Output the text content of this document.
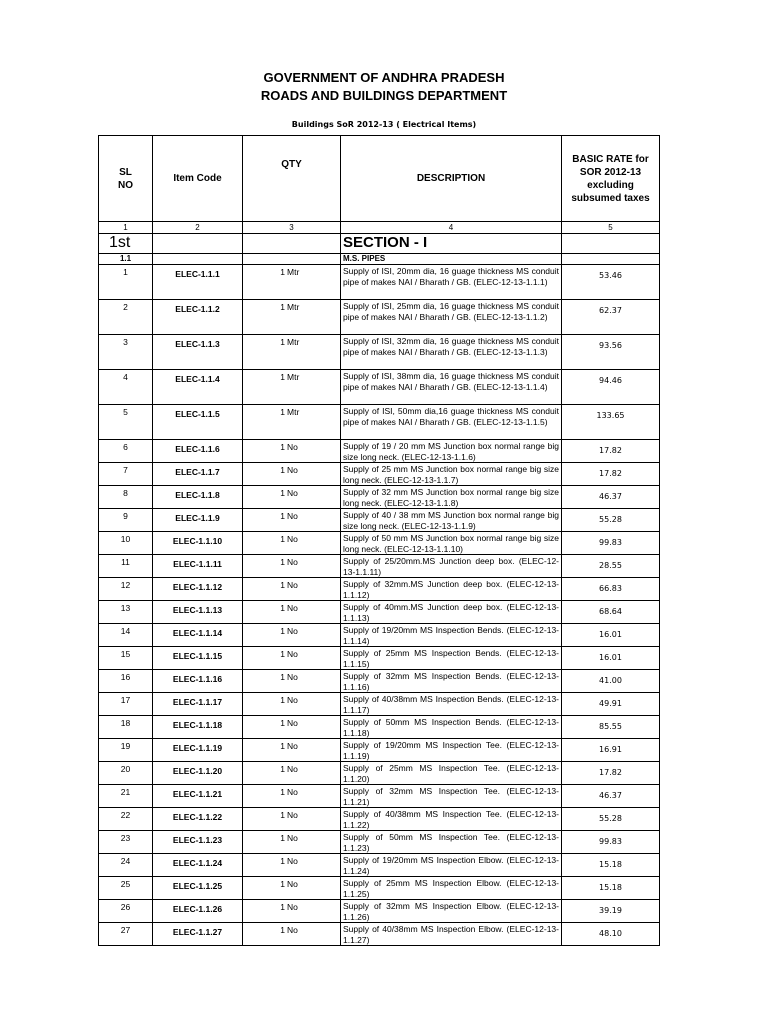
GOVERNMENT OF ANDHRA PRADESH
ROADS AND BUILDINGS DEPARTMENT
Buildings SoR 2012-13 ( Electrical Items)
SL NO	Item Code	QTY	DESCRIPTION	BASIC RATE for SOR 2012-13 excluding subsumed taxes
1	2	3	4	5
1st			SECTION - I	
1.1			M.S. PIPES	
1	ELEC-1.1.1	1 Mtr	Supply of ISI, 20mm dia, 16 guage thickness MS conduit pipe of makes NAI / Bharath / GB. (ELEC-12-13-1.1.1)	53.46
2	ELEC-1.1.2	1 Mtr	Supply of ISI, 25mm dia, 16 guage thickness MS conduit pipe of makes NAI / Bharath / GB. (ELEC-12-13-1.1.2)	62.37
3	ELEC-1.1.3	1 Mtr	Supply of ISI, 32mm dia, 16 guage thickness MS conduit pipe of makes NAI / Bharath / GB. (ELEC-12-13-1.1.3)	93.56
4	ELEC-1.1.4	1 Mtr	Supply of ISI, 38mm dia, 16 guage thickness MS conduit pipe of makes NAI / Bharath / GB. (ELEC-12-13-1.1.4)	94.46
5	ELEC-1.1.5	1 Mtr	Supply of ISI, 50mm dia,16 guage thickness MS conduit pipe of makes NAI / Bharath / GB. (ELEC-12-13-1.1.5)	133.65
6	ELEC-1.1.6	1 No	Supply of 19 / 20 mm MS Junction box normal range big size long neck. (ELEC-12-13-1.1.6)	17.82
7	ELEC-1.1.7	1 No	Supply of 25 mm MS Junction box normal range big size long neck. (ELEC-12-13-1.1.7)	17.82
8	ELEC-1.1.8	1 No	Supply of 32 mm MS Junction box normal range big size long neck. (ELEC-12-13-1.1.8)	46.37
9	ELEC-1.1.9	1 No	Supply of 40 / 38 mm MS Junction box normal range big size long neck. (ELEC-12-13-1.1.9)	55.28
10	ELEC-1.1.10	1 No	Supply of 50 mm MS Junction box normal range big size long neck. (ELEC-12-13-1.1.10)	99.83
11	ELEC-1.1.11	1 No	Supply of 25/20mm.MS Junction deep box. (ELEC-12-13-1.1.11)	28.55
12	ELEC-1.1.12	1 No	Supply of 32mm.MS Junction deep box. (ELEC-12-13-1.1.12)	66.83
13	ELEC-1.1.13	1 No	Supply of 40mm.MS Junction deep box. (ELEC-12-13-1.1.13)	68.64
14	ELEC-1.1.14	1 No	Supply of 19/20mm MS Inspection Bends. (ELEC-12-13-1.1.14)	16.01
15	ELEC-1.1.15	1 No	Supply of 25mm MS Inspection Bends. (ELEC-12-13-1.1.15)	16.01
16	ELEC-1.1.16	1 No	Supply of 32mm MS Inspection Bends. (ELEC-12-13-1.1.16)	41.00
17	ELEC-1.1.17	1 No	Supply of 40/38mm MS Inspection Bends. (ELEC-12-13-1.1.17)	49.91
18	ELEC-1.1.18	1 No	Supply of 50mm MS Inspection Bends. (ELEC-12-13-1.1.18)	85.55
19	ELEC-1.1.19	1 No	Supply of 19/20mm MS Inspection Tee. (ELEC-12-13-1.1.19)	16.91
20	ELEC-1.1.20	1 No	Supply of 25mm MS Inspection Tee. (ELEC-12-13-1.1.20)	17.82
21	ELEC-1.1.21	1 No	Supply of 32mm MS Inspection Tee. (ELEC-12-13-1.1.21)	46.37
22	ELEC-1.1.22	1 No	Supply of 40/38mm MS Inspection Tee. (ELEC-12-13-1.1.22)	55.28
23	ELEC-1.1.23	1 No	Supply of 50mm MS Inspection Tee. (ELEC-12-13-1.1.23)	99.83
24	ELEC-1.1.24	1 No	Supply of 19/20mm MS Inspection Elbow. (ELEC-12-13-1.1.24)	15.18
25	ELEC-1.1.25	1 No	Supply of 25mm MS Inspection Elbow. (ELEC-12-13-1.1.25)	15.18
26	ELEC-1.1.26	1 No	Supply of 32mm MS Inspection Elbow. (ELEC-12-13-1.1.26)	39.19
27	ELEC-1.1.27	1 No	Supply of 40/38mm MS Inspection Elbow. (ELEC-12-13-1.1.27)	48.10
